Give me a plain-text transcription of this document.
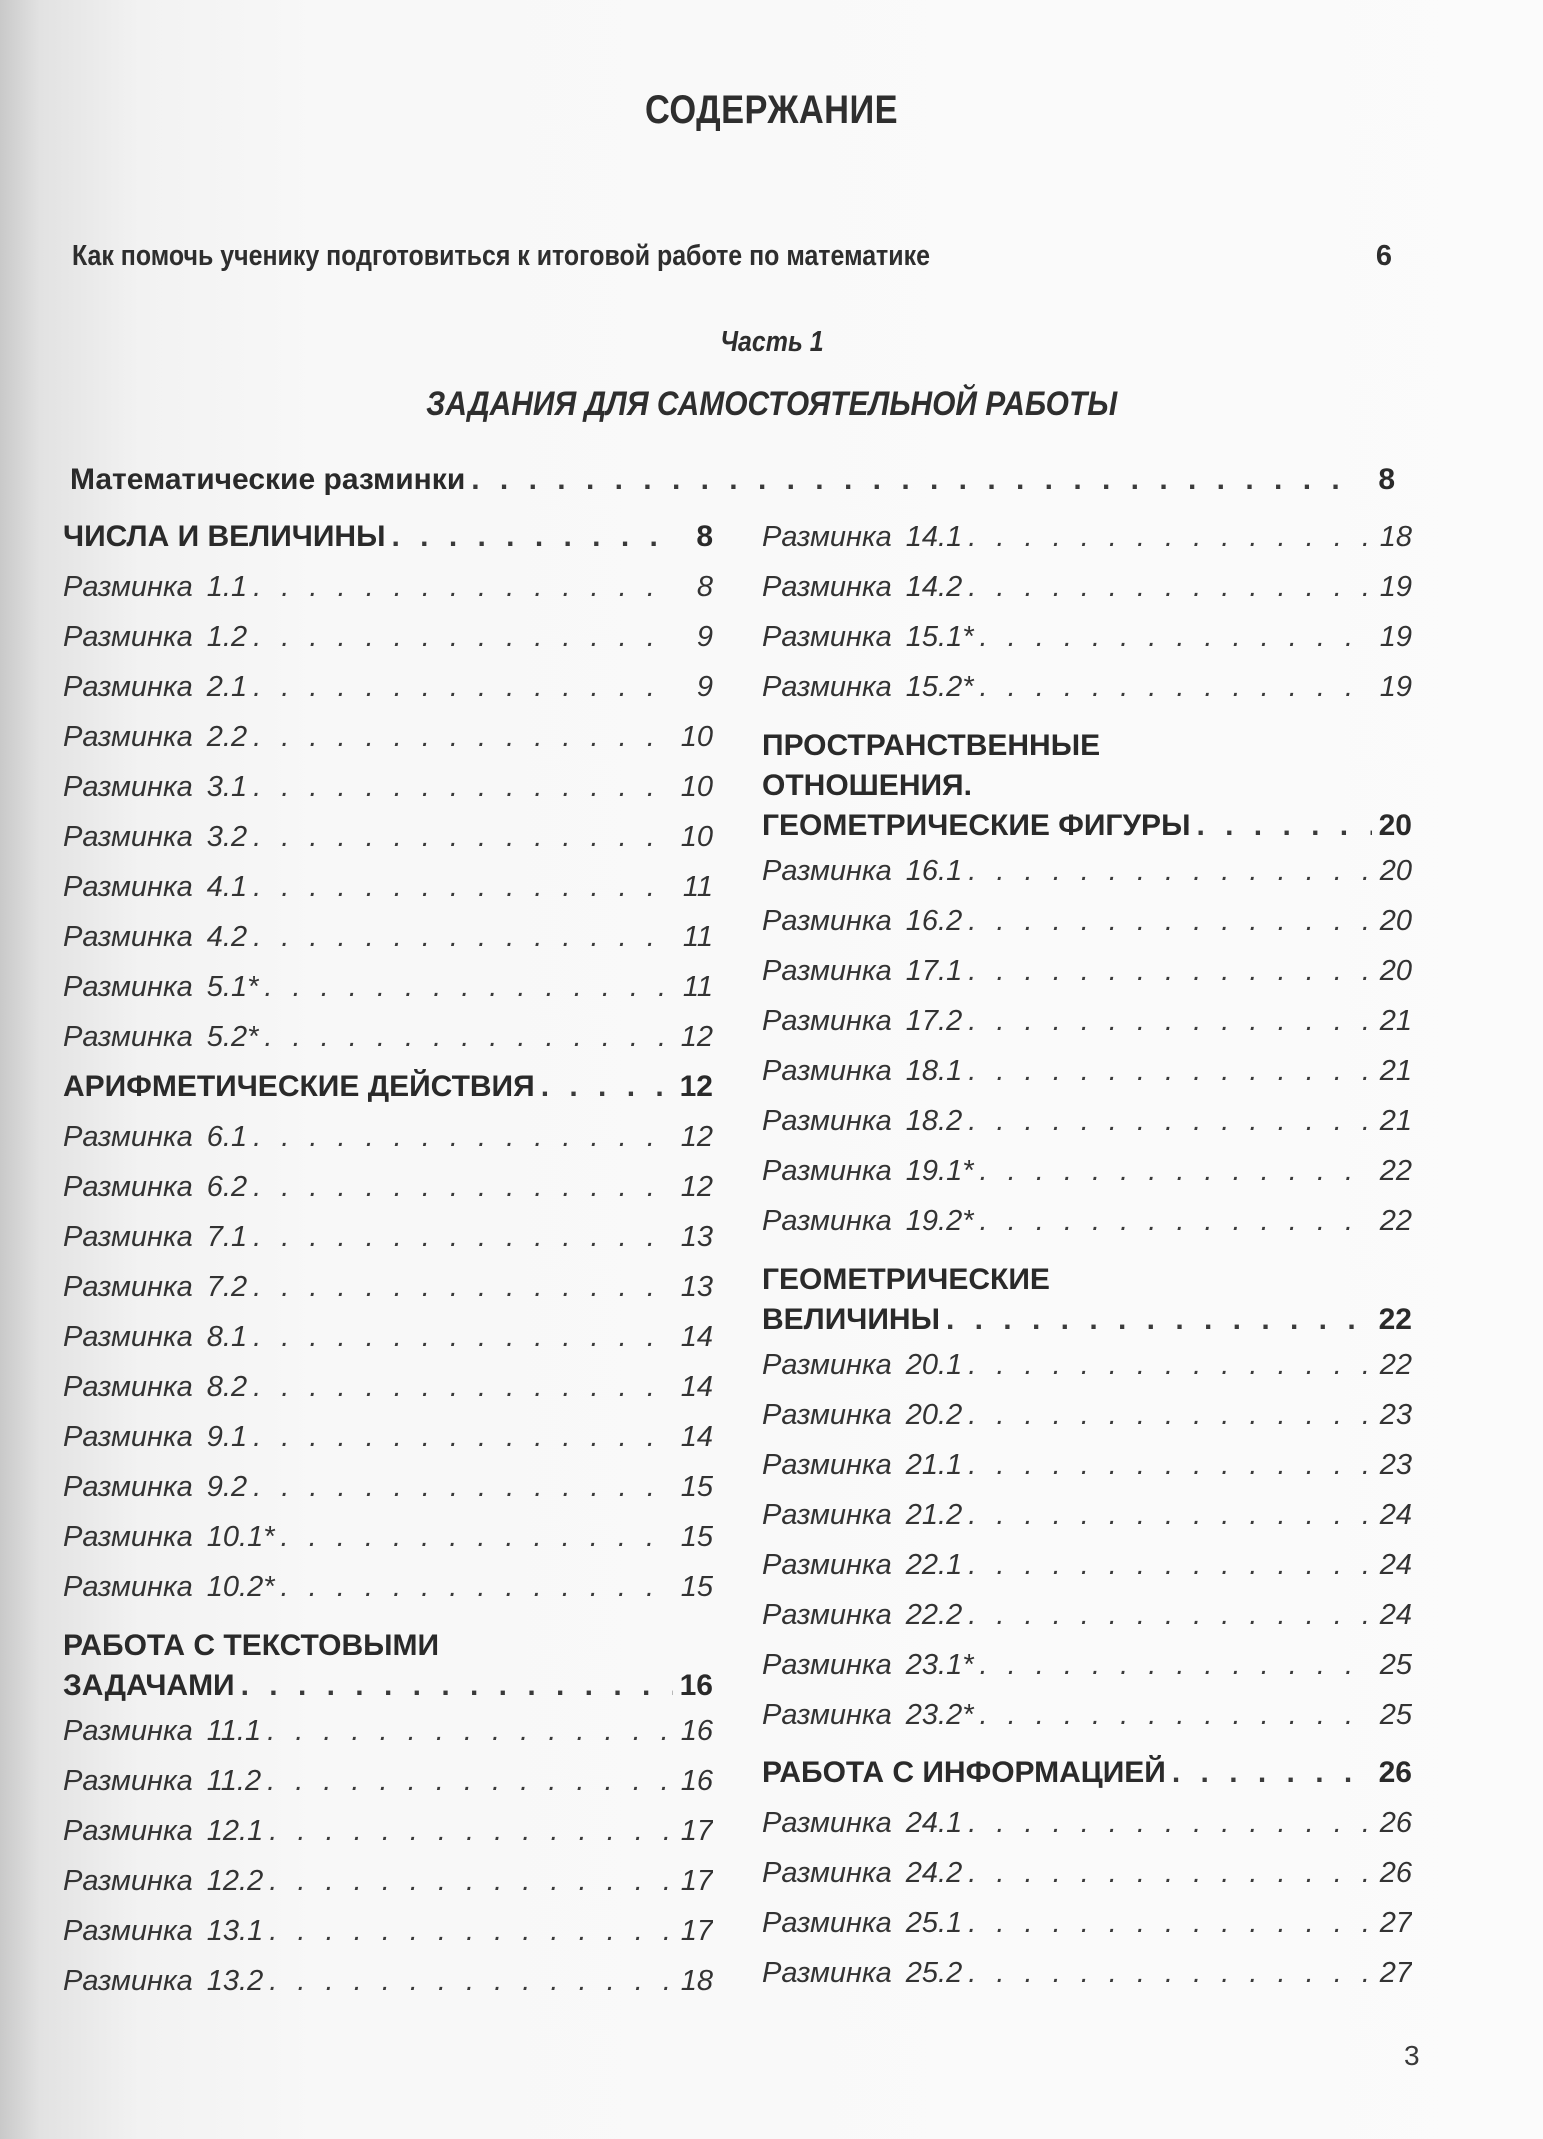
СОДЕРЖАНИЕ
Как помочь ученику подготовиться к итоговой работе по математике	6
Часть 1
ЗАДАНИЯ ДЛЯ САМОСТОЯТЕЛЬНОЙ РАБОТЫ
Математические разминки . . .	8
ЧИСЛА И ВЕЛИЧИНЫ . . .	8
Разминка 1.1 . . .	8
Разминка 1.2 . . .	9
Разминка 2.1 . . .	9
Разминка 2.2 . . .	10
Разминка 3.1 . . .	10
Разминка 3.2 . . .	10
Разминка 4.1 . . .	11
Разминка 4.2 . . .	11
Разминка 5.1* . . .	11
Разминка 5.2* . . .	12
АРИФМЕТИЧЕСКИЕ ДЕЙСТВИЯ . . .	12
Разминка 6.1 . . .	12
Разминка 6.2 . . .	12
Разминка 7.1 . . .	13
Разминка 7.2 . . .	13
Разминка 8.1 . . .	14
Разминка 8.2 . . .	14
Разминка 9.1 . . .	14
Разминка 9.2 . . .	15
Разминка 10.1* . . .	15
Разминка 10.2* . . .	15
РАБОТА С ТЕКСТОВЫМИ
ЗАДАЧАМИ . . .	16
Разминка 11.1 . . .	16
Разминка 11.2 . . .	16
Разминка 12.1 . . .	17
Разминка 12.2 . . .	17
Разминка 13.1 . . .	17
Разминка 13.2 . . .	18
Разминка 14.1 . . .	18
Разминка 14.2 . . .	19
Разминка 15.1* . . .	19
Разминка 15.2* . . .	19
ПРОСТРАНСТВЕННЫЕ
ОТНОШЕНИЯ.
ГЕОМЕТРИЧЕСКИЕ ФИГУРЫ . . .	20
Разминка 16.1 . . .	20
Разминка 16.2 . . .	20
Разминка 17.1 . . .	20
Разминка 17.2 . . .	21
Разминка 18.1 . . .	21
Разминка 18.2 . . .	21
Разминка 19.1* . . .	22
Разминка 19.2* . . .	22
ГЕОМЕТРИЧЕСКИЕ
ВЕЛИЧИНЫ . . .	22
Разминка 20.1 . . .	22
Разминка 20.2 . . .	23
Разминка 21.1 . . .	23
Разминка 21.2 . . .	24
Разминка 22.1 . . .	24
Разминка 22.2 . . .	24
Разминка 23.1* . . .	25
Разминка 23.2* . . .	25
РАБОТА С ИНФОРМАЦИЕЙ . . .	26
Разминка 24.1 . . .	26
Разминка 24.2 . . .	26
Разминка 25.1 . . .	27
Разминка 25.2 . . .	27
3
